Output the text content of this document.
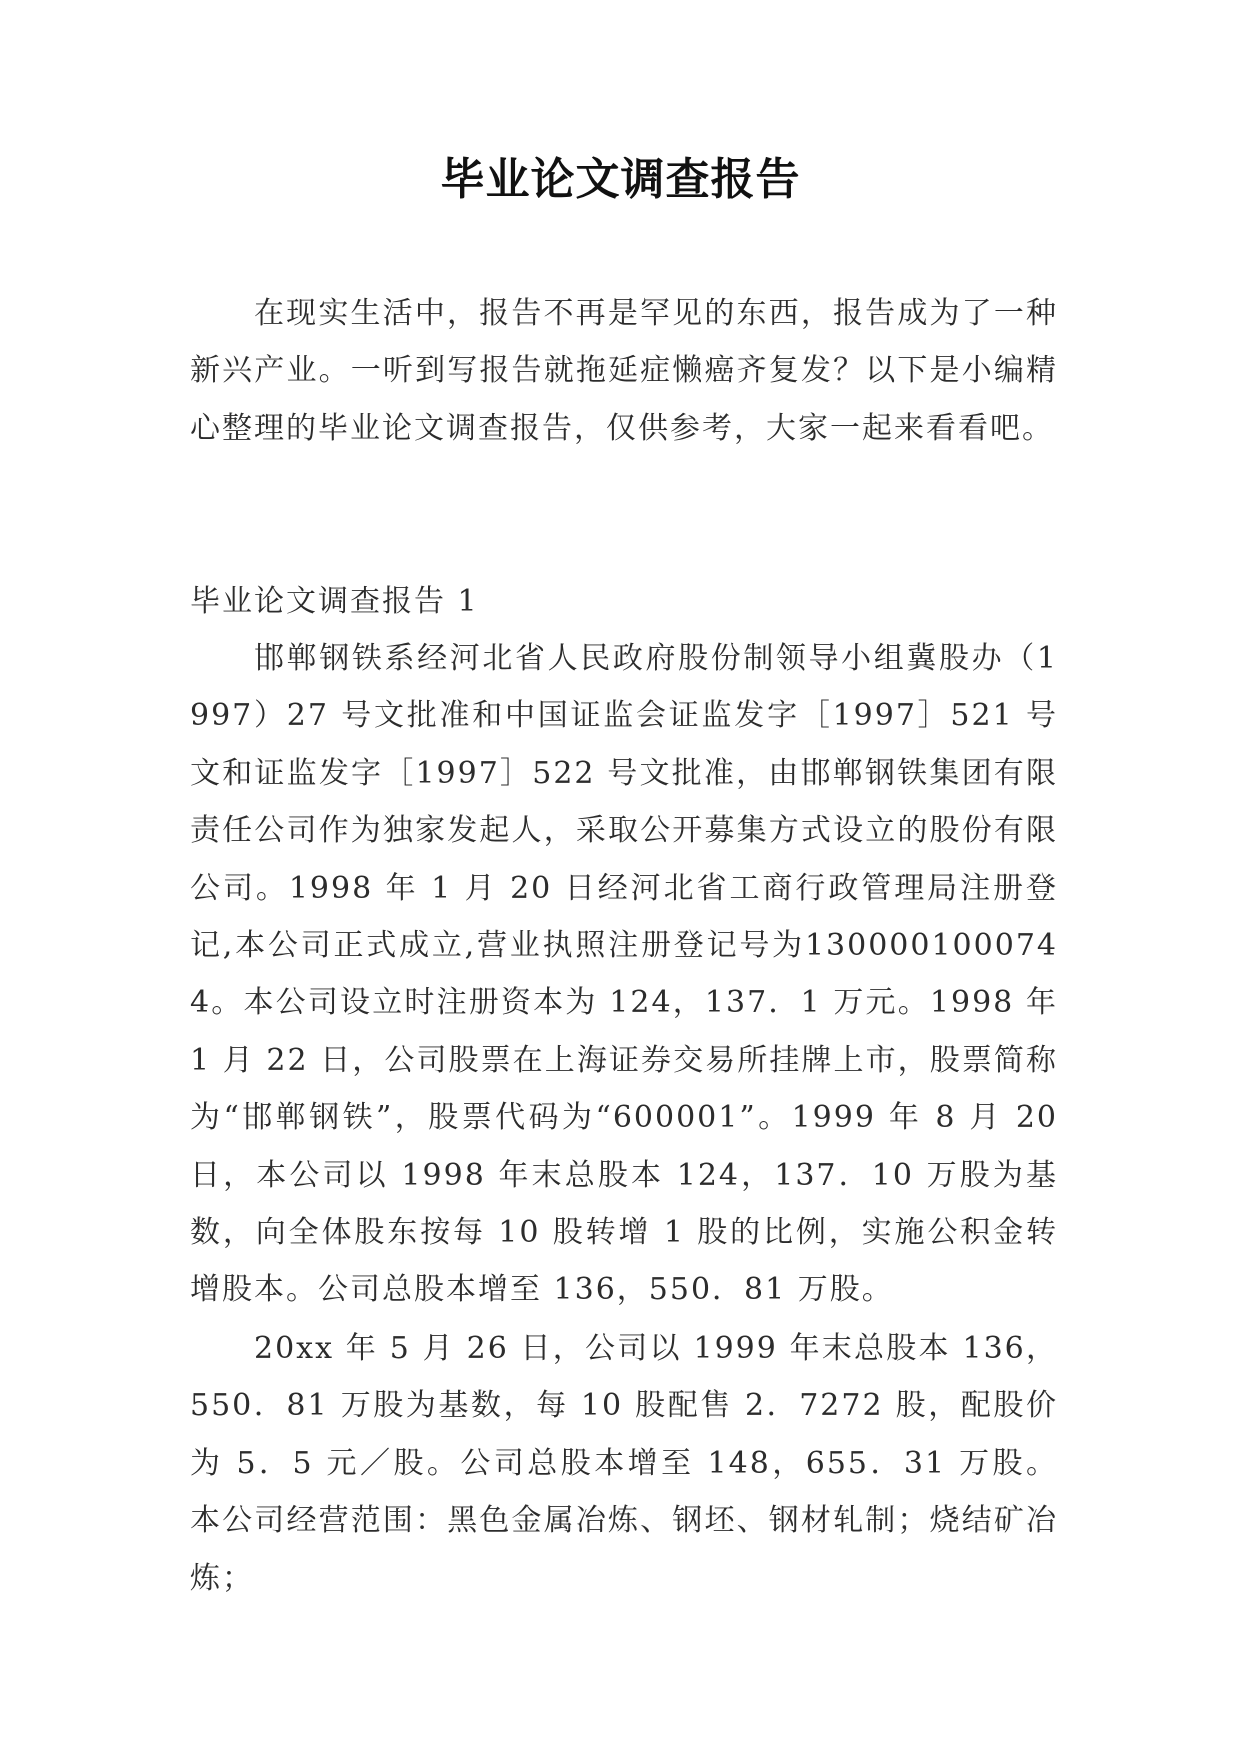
毕业论文调查报告

在现实生活中，报告不再是罕见的东西，报告成为了一种新兴产业。一听到写报告就拖延症懒癌齐复发？以下是小编精心整理的毕业论文调查报告，仅供参考，大家一起来看看吧。

毕业论文调查报告 1

邯郸钢铁系经河北省人民政府股份制领导小组冀股办（1997）27 号文批准和中国证监会证监发字［1997］521 号文和证监发字［1997］522 号文批准，由邯郸钢铁集团有限责任公司作为独家发起人，采取公开募集方式设立的股份有限公司。1998 年 1 月 20 日经河北省工商行政管理局注册登记,本公司正式成立,营业执照注册登记号为1300001000744。本公司设立时注册资本为 124，137．1 万元。1998 年 1 月 22 日，公司股票在上海证券交易所挂牌上市，股票简称为“邯郸钢铁”，股票代码为“600001”。1999 年 8 月 20 日，本公司以 1998 年末总股本 124，137．10 万股为基数，向全体股东按每 10 股转增 1 股的比例，实施公积金转增股本。公司总股本增至 136，550．81 万股。

20xx 年 5 月 26 日，公司以 1999 年末总股本 136，550．81 万股为基数，每 10 股配售 2．7272 股，配股价为 5．5 元／股。公司总股本增至 148，655．31 万股。 本公司经营范围：黑色金属冶炼、钢坯、钢材轧制；烧结矿冶炼；
